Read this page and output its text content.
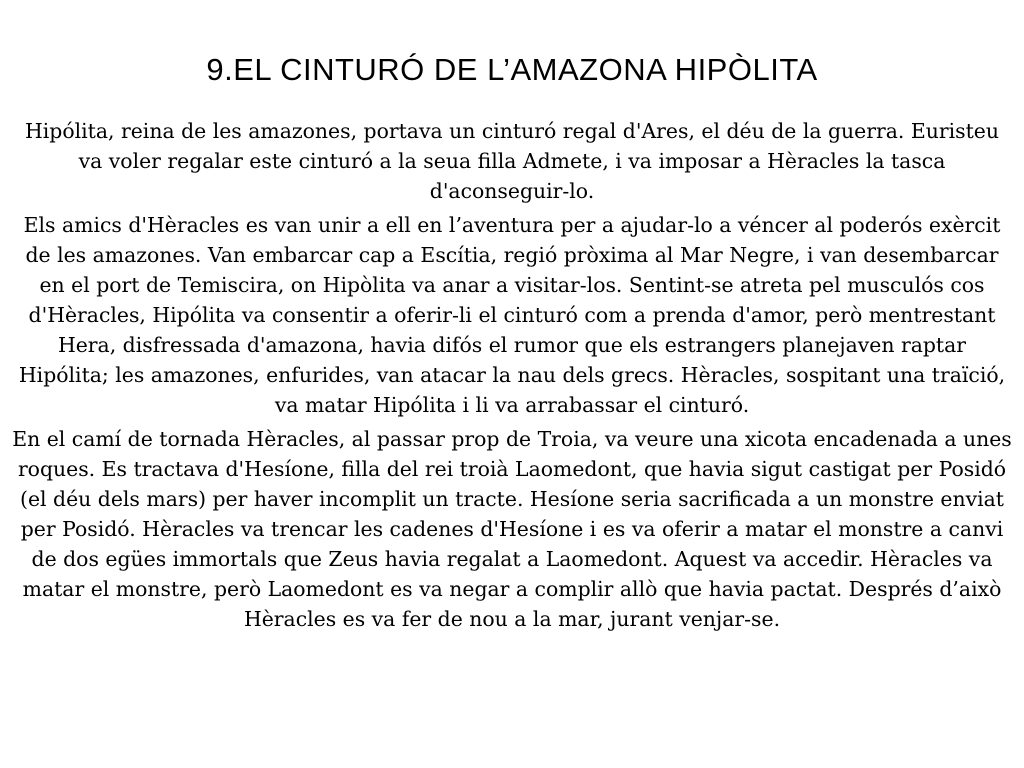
9.EL CINTURÓ DE L’AMAZONA HIPÒLITA

Hipólita, reina de les amazones, portava un cinturó regal d'Ares, el déu de la guerra. Euristeu va voler regalar este cinturó a la seua filla Admete, i va imposar a Hèracles la tasca d'aconseguir-lo.

Els amics d'Hèracles es van unir a ell en l’aventura per a ajudar-lo a véncer al poderós exèrcit de les amazones. Van embarcar cap a Escítia, regió pròxima al Mar Negre, i van desembarcar en el port de Temiscira, on Hipòlita va anar a visitar-los. Sentint-se atreta pel musculós cos d'Hèracles, Hipólita va consentir a oferir-li el cinturó com a prenda d'amor, però mentrestant Hera, disfressada d'amazona, havia difós el rumor que els estrangers planejaven raptar Hipólita; les amazones, enfurides, van atacar la nau dels grecs. Hèracles, sospitant una traïció, va matar Hipólita i li va arrabassar el cinturó.

En el camí de tornada Hèracles, al passar prop de Troia, va veure una xicota encadenada a unes roques. Es tractava d'Hesíone, filla del rei troià Laomedont, que havia sigut castigat per Posidó (el déu dels mars) per haver incomplit un tracte. Hesíone seria sacrificada a un monstre enviat per Posidó. Hèracles va trencar les cadenes d'Hesíone i es va oferir a matar el monstre a canvi de dos egües immortals que Zeus havia regalat a Laomedont. Aquest va accedir. Hèracles va matar el monstre, però Laomedont es va negar a complir allò que havia pactat. Després d’això Hèracles es va fer de nou a la mar, jurant venjar-se.
